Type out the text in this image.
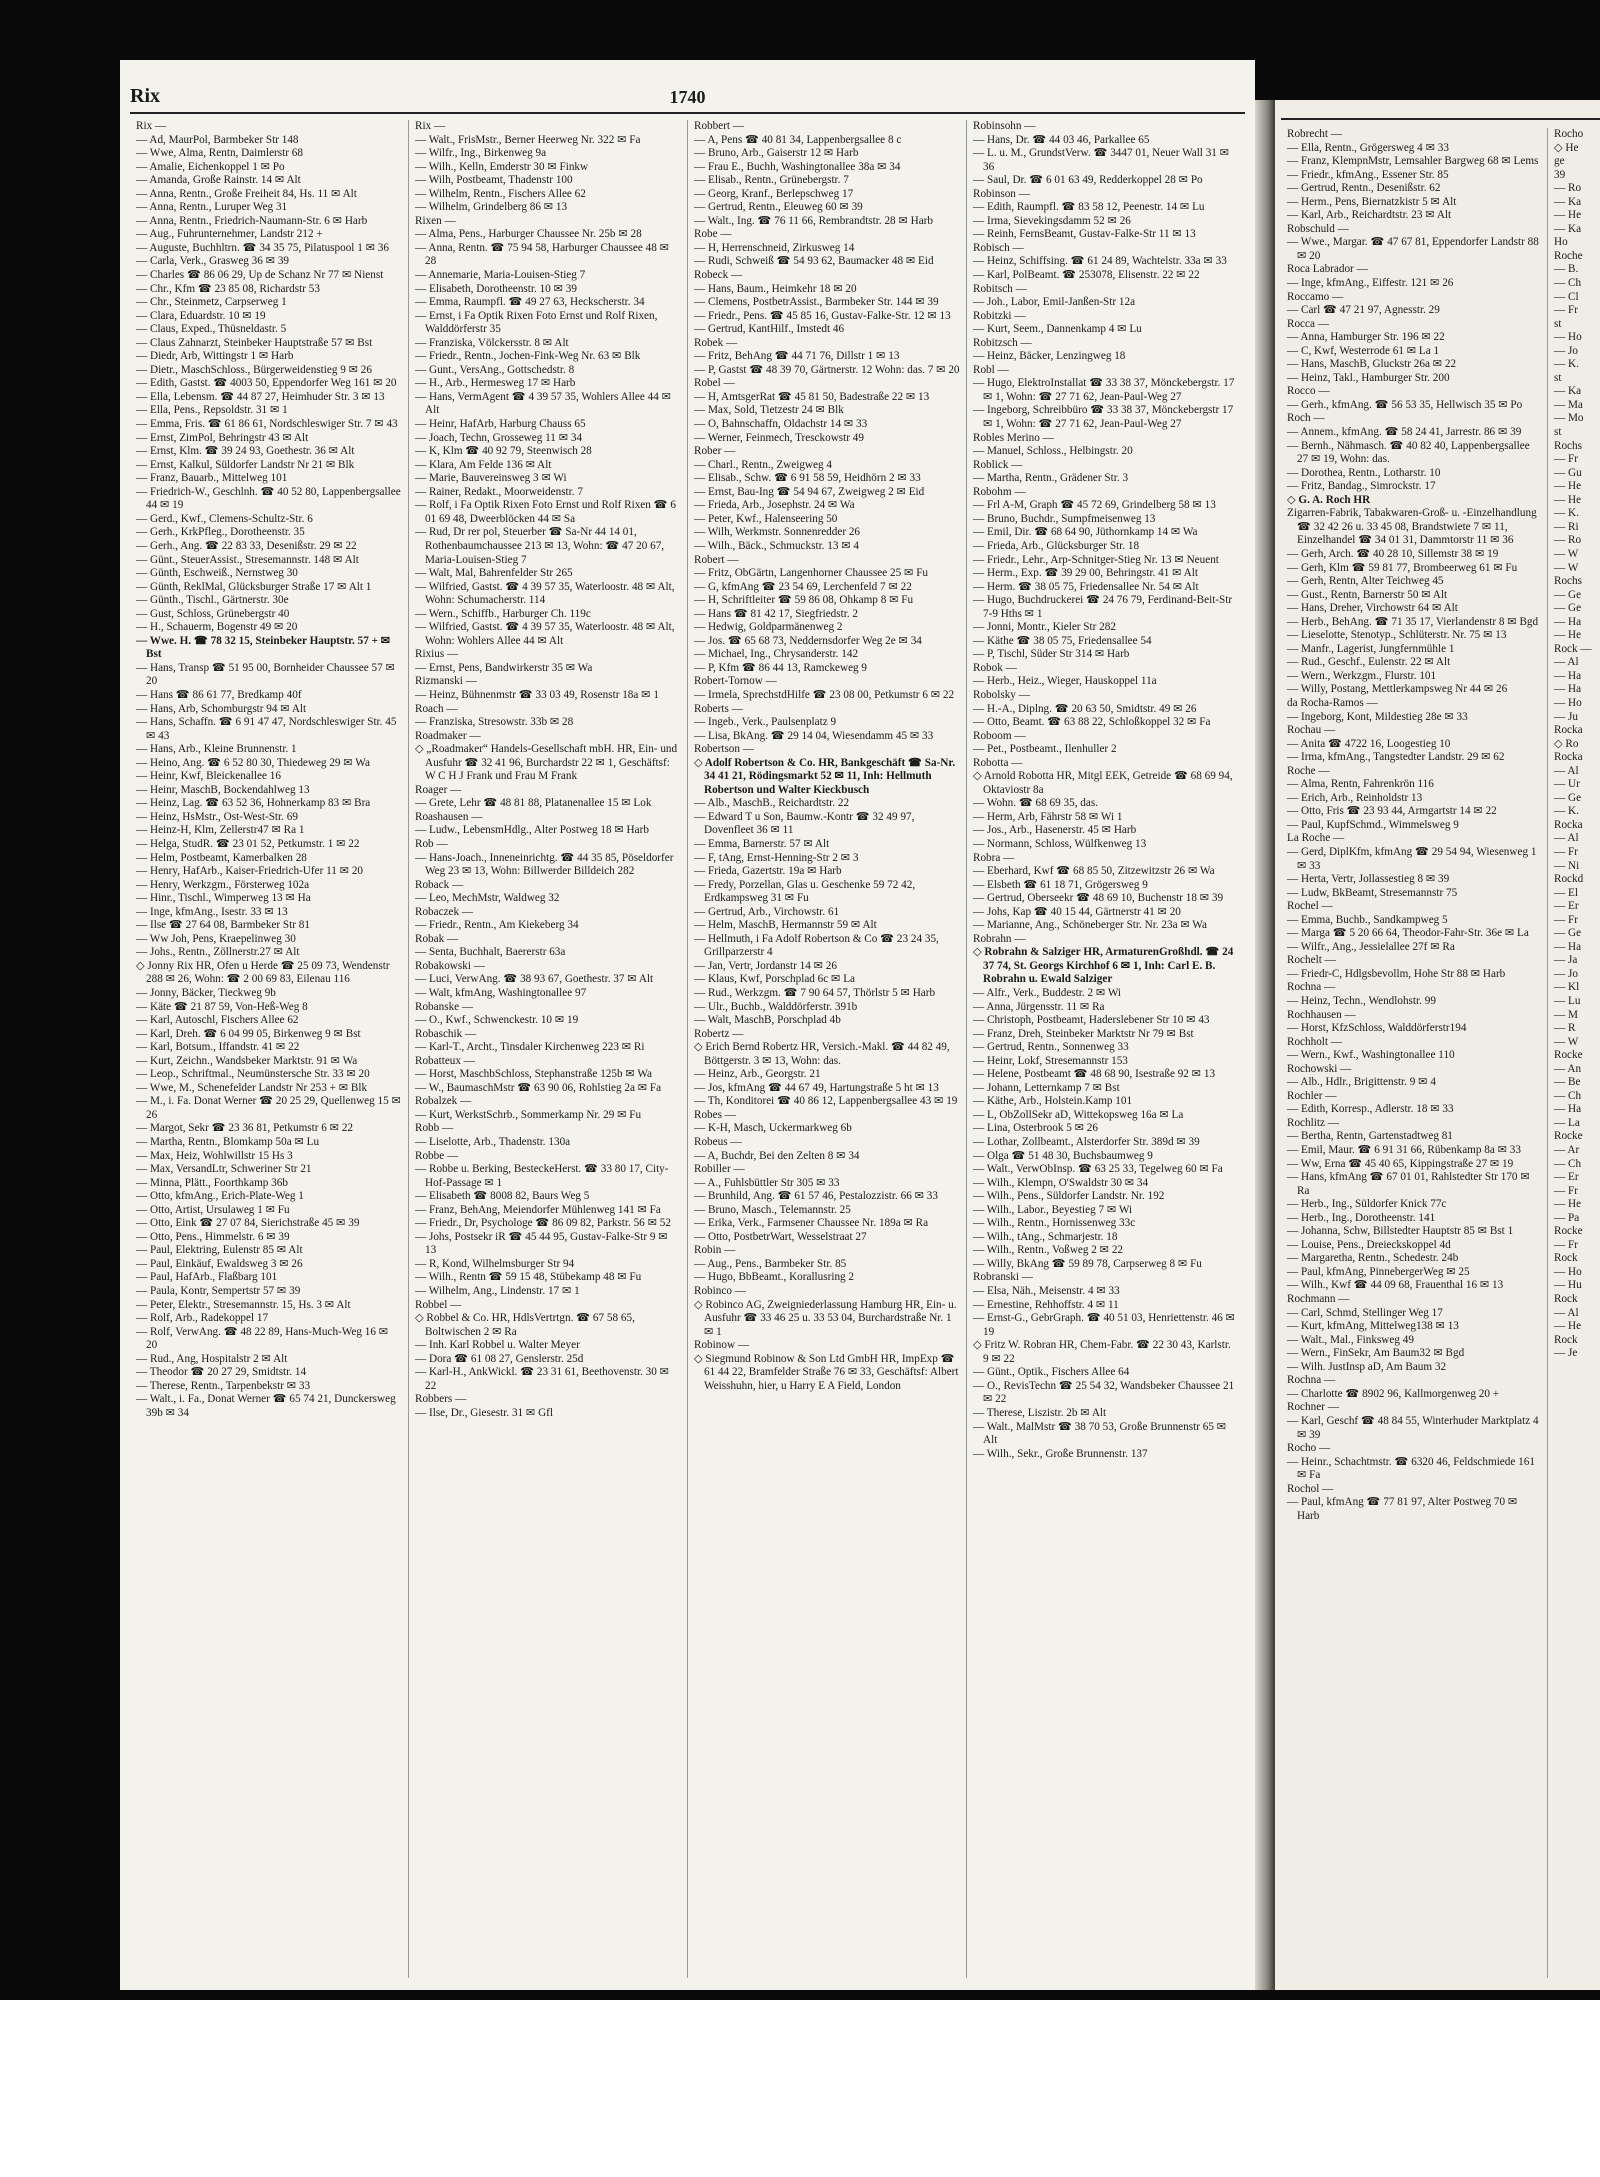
Rix	1740
Rix —
— Ad, MaurPol, Barmbeker Str 148
— Wwe, Alma, Rentn, Daimlerstr 68
— Amalie, Eichenkoppel 1 ✉ Po
— Amanda, Große Rainstr. 14 ✉ Alt
— Anna, Rentn., Große Freiheit 84, Hs. 11 ✉ Alt
— Anna, Rentn., Luruper Weg 31
— Anna, Rentn., Friedrich-Naumann-Str. 6 ✉ Harb
— Aug., Fuhrunternehmer, Landstr 212 +
— Auguste, Buchhltrn. ☎ 34 35 75, Pilatuspool 1 ✉ 36
— Carla, Verk., Grasweg 36 ✉ 39
— Charles ☎ 86 06 29, Up de Schanz Nr 77 ✉ Nienst
— Chr., Kfm ☎ 23 85 08, Richardstr 53
— Chr., Steinmetz, Carpserweg 1
— Clara, Eduardstr. 10 ✉ 19
— Claus, Exped., Thüsneldastr. 5
— Claus Zahnarzt, Steinbeker Hauptstraße 57 ✉ Bst
— Diedr, Arb, Wittingstr 1 ✉ Harb
— Dietr., MaschSchloss., Bürgerweidenstieg 9 ✉ 26
— Edith, Gastst. ☎ 4003 50, Eppendorfer Weg 161 ✉ 20
— Ella, Lebensm. ☎ 44 87 27, Heimhuder Str. 3 ✉ 13
— Ella, Pens., Repsoldstr. 31 ✉ 1
— Emma, Fris. ☎ 61 86 61, Nordschleswiger Str. 7 ✉ 43
— Ernst, ZimPol, Behringstr 43 ✉ Alt
— Ernst, Klm. ☎ 39 24 93, Goethestr. 36 ✉ Alt
— Ernst, Kalkul, Süldorfer Landstr Nr 21 ✉ Blk
— Franz, Bauarb., Mittelweg 101
— Friedrich-W., Geschlnh. ☎ 40 52 80, Lappenbergsallee 44 ✉ 19
— Gerd., Kwf., Clemens-Schultz-Str. 6
— Gerh., KrkPfleg., Dorotheenstr. 35
— Gerh., Ang. ☎ 22 83 33, Desenißstr. 29 ✉ 22
— Günt., SteuerAssist., Stresemannstr. 148 ✉ Alt
— Günth, Eschweiß., Nernstweg 30
— Günth, ReklMal, Glücksburger Straße 17 ✉ Alt 1
— Günth., Tischl., Gärtnerstr. 30e
— Gust, Schloss, Grünebergstr 40
— H., Schauerm, Bogenstr 49 ✉ 20
— Wwe. H. ☎ 78 32 15, Steinbeker Hauptstr. 57 + ✉ Bst
— Hans, Transp ☎ 51 95 00, Bornheider Chaussee 57 ✉ 20
— Hans ☎ 86 61 77, Bredkamp 40f
— Hans, Arb, Schomburgstr 94 ✉ Alt
— Hans, Schaffn. ☎ 6 91 47 47, Nordschleswiger Str. 45 ✉ 43
— Hans, Arb., Kleine Brunnenstr. 1
— Heino, Ang. ☎ 6 52 80 30, Thiedeweg 29 ✉ Wa
— Heinr, Kwf, Bleickenallee 16
— Heinr, MaschB, Bockendahlweg 13
— Heinz, Lag. ☎ 63 52 36, Hohnerkamp 83 ✉ Bra
— Heinz, HsMstr., Ost-West-Str. 69
— Heinz-H, Klm, Zellerstr47 ✉ Ra 1
— Helga, StudR. ☎ 23 01 52, Petkumstr. 1 ✉ 22
— Helm, Postbeamt, Kamerbalken 28
— Henry, HafArb., Kaiser-Friedrich-Ufer 11 ✉ 20
— Henry, Werkzgm., Försterweg 102a
— Hinr., Tischl., Wimperweg 13 ✉ Ha
— Inge, kfmAng., Isestr. 33 ✉ 13
— Ilse ☎ 27 64 08, Barmbeker Str 81
— Ww Joh, Pens, Kraepelinweg 30
— Johs., Rentn., Zöllnerstr.27 ✉ Alt
◇ Jonny Rix HR, Ofen u Herde ☎ 25 09 73, Wendenstr 288 ✉ 26, Wohn: ☎ 2 00 69 83, Eilenau 116
— Jonny, Bäcker, Tieckweg 9b
— Käte ☎ 21 87 59, Von-Heß-Weg 8
— Karl, Autoschl, Fischers Allee 62
— Karl, Dreh. ☎ 6 04 99 05, Birkenweg 9 ✉ Bst
— Karl, Botsum., Iffandstr. 41 ✉ 22
— Kurt, Zeichn., Wandsbeker Marktstr. 91 ✉ Wa
— Leop., Schriftmal., Neumünstersche Str. 33 ✉ 20
— Wwe, M., Schenefelder Landstr Nr 253 + ✉ Blk
— M., i. Fa. Donat Werner ☎ 20 25 29, Quellenweg 15 ✉ 26
— Margot, Sekr ☎ 23 36 81, Petkumstr 6 ✉ 22
— Martha, Rentn., Blomkamp 50a ✉ Lu
— Max, Heiz, Wohlwillstr 15 Hs 3
— Max, VersandLtr, Schweriner Str 21
— Minna, Plätt., Foorthkamp 36b
— Otto, kfmAng., Erich-Plate-Weg 1
— Otto, Artist, Ursulaweg 1 ✉ Fu
— Otto, Eink ☎ 27 07 84, Sierichstraße 45 ✉ 39
— Otto, Pens., Himmelstr. 6 ✉ 39
— Paul, Elektring, Eulenstr 85 ✉ Alt
— Paul, Einkäuf, Ewaldsweg 3 ✉ 26
— Paul, HafArb., Flaßbarg 101
— Paula, Kontr, Sempertstr 57 ✉ 39
— Peter, Elektr., Stresemannstr. 15, Hs. 3 ✉ Alt
— Rolf, Arb., Radekoppel 17
— Rolf, VerwAng. ☎ 48 22 89, Hans-Much-Weg 16 ✉ 20
— Rud., Ang, Hospitalstr 2 ✉ Alt
— Theodor ☎ 20 27 29, Smidtstr. 14
— Therese, Rentn., Tarpenbekstr ✉ 33
— Walt., i. Fa., Donat Werner ☎ 65 74 21, Dunckersweg 39b ✉ 34
Rix —
— Walt., FrisMstr., Berner Heerweg Nr. 322 ✉ Fa
— Wilfr., Ing., Birkenweg 9a
— Wilh., Kelln, Emderstr 30 ✉ Finkw
— Wilh, Postbeamt, Thadenstr 100
— Wilhelm, Rentn., Fischers Allee 62
— Wilhelm, Grindelberg 86 ✉ 13
Rixen —
— Alma, Pens., Harburger Chaussee Nr. 25b ✉ 28
— Anna, Rentn. ☎ 75 94 58, Harburger Chaussee 48 ✉ 28
— Annemarie, Maria-Louisen-Stieg 7
— Elisabeth, Dorotheenstr. 10 ✉ 39
— Emma, Raumpfl. ☎ 49 27 63, Heckscherstr. 34
— Ernst, i Fa Optik Rixen Foto Ernst und Rolf Rixen, Walddörferstr 35
— Franziska, Völckersstr. 8 ✉ Alt
— Friedr., Rentn., Jochen-Fink-Weg Nr. 63 ✉ Blk
— Gunt., VersAng., Gottschedstr. 8
— H., Arb., Hermesweg 17 ✉ Harb
— Hans, VermAgent ☎ 4 39 57 35, Wohlers Allee 44 ✉ Alt
— Heinr, HafArb, Harburg Chauss 65
— Joach, Techn, Grosseweg 11 ✉ 34
— K, Klm ☎ 40 92 79, Steenwisch 28
— Klara, Am Felde 136 ✉ Alt
— Marie, Bauvereinsweg 3 ✉ Wi
— Rainer, Redakt., Moorweidenstr. 7
— Rolf, i Fa Optik Rixen Foto Ernst und Rolf Rixen ☎ 6 01 69 48, Dweerblöcken 44 ✉ Sa
— Rud, Dr rer pol, Steuerber ☎ Sa-Nr 44 14 01, Rothenbaumchaussee 213 ✉ 13, Wohn: ☎ 47 20 67, Maria-Louisen-Stieg 7
— Walt, Mal, Bahrenfelder Str 265
— Wilfried, Gastst. ☎ 4 39 57 35, Waterloostr. 48 ✉ Alt, Wohn: Schumacherstr. 114
— Wern., Schiffb., Harburger Ch. 119c
— Wilfried, Gastst. ☎ 4 39 57 35, Waterloostr. 48 ✉ Alt, Wohn: Wohlers Allee 44 ✉ Alt
Rixius —
— Ernst, Pens, Bandwirkerstr 35 ✉ Wa
Rizmanski —
— Heinz, Bühnenmstr ☎ 33 03 49, Rosenstr 18a ✉ 1
Roach —
— Franziska, Stresowstr. 33b ✉ 28
Roadmaker —
◇ „Roadmaker“ Handels-Gesellschaft mbH. HR, Ein- und Ausfuhr ☎ 32 41 96, Burchardstr 22 ✉ 1, Geschäftsf: W C H J Frank und Frau M Frank
Roager —
— Grete, Lehr ☎ 48 81 88, Platanenallee 15 ✉ Lok
Roashausen —
— Ludw., LebensmHdlg., Alter Postweg 18 ✉ Harb
Rob —
— Hans-Joach., Inneneinrichtg. ☎ 44 35 85, Pöseldorfer Weg 23 ✉ 13, Wohn: Billwerder Billdeich 282
Roback —
— Leo, MechMstr, Waldweg 32
Robaczek —
— Friedr., Rentn., Am Kiekeberg 34
Robak —
— Senta, Buchhalt, Baererstr 63a
Robakowski —
— Luci, VerwAng. ☎ 38 93 67, Goethestr. 37 ✉ Alt
— Walt, kfmAng, Washingtonallee 97
Robanske —
— O., Kwf., Schwenckestr. 10 ✉ 19
Robaschik —
— Karl-T., Archt., Tinsdaler Kirchenweg 223 ✉ Ri
Robatteux —
— Horst, MaschbSchloss, Stephanstraße 125b ✉ Wa
— W., BaumaschMstr ☎ 63 90 06, Rohlstieg 2a ✉ Fa
Robalzek —
— Kurt, WerkstSchrb., Sommerkamp Nr. 29 ✉ Fu
Robb —
— Liselotte, Arb., Thadenstr. 130a
Robbe —
— Robbe u. Berking, BesteckeHerst. ☎ 33 80 17, City-Hof-Passage ✉ 1
— Elisabeth ☎ 8008 82, Baurs Weg 5
— Franz, BehAng, Meiendorfer Mühlenweg 141 ✉ Fa
— Friedr., Dr, Psychologe ☎ 86 09 82, Parkstr. 56 ✉ 52
— Johs, Postsekr iR ☎ 45 44 95, Gustav-Falke-Str 9 ✉ 13
— R, Kond, Wilhelmsburger Str 94
— Wilh., Rentn ☎ 59 15 48, Stübekamp 48 ✉ Fu
— Wilhelm, Ang., Lindenstr. 17 ✉ 1
Robbel —
◇ Robbel & Co. HR, HdlsVertrtgn. ☎ 67 58 65, Boltwischen 2 ✉ Ra
— Inh. Karl Robbel u. Walter Meyer
— Dora ☎ 61 08 27, Genslerstr. 25d
— Karl-H., AnkWickl. ☎ 23 31 61, Beethovenstr. 30 ✉ 22
Robbers —
— Ilse, Dr., Giesestr. 31 ✉ Gfl
Robbert —
— A, Pens ☎ 40 81 34, Lappenbergsallee 8 c
— Bruno, Arb., Gaiserstr 12 ✉ Harb
— Frau E., Buchh, Washingtonallee 38a ✉ 34
— Elisab., Rentn., Grünebergstr. 7
— Georg, Kranf., Berlepschweg 17
— Gertrud, Rentn., Eleuweg 60 ✉ 39
— Walt., Ing. ☎ 76 11 66, Rembrandtstr. 28 ✉ Harb
Robe —
— H, Herrenschneid, Zirkusweg 14
— Rudi, Schweiß ☎ 54 93 62, Baumacker 48 ✉ Eid
Robeck —
— Hans, Baum., Heimkehr 18 ✉ 20
— Clemens, PostbetrAssist., Barmbeker Str. 144 ✉ 39
— Friedr., Pens. ☎ 45 85 16, Gustav-Falke-Str. 12 ✉ 13
— Gertrud, KantHilf., Imstedt 46
Robek —
— Fritz, BehAng ☎ 44 71 76, Dillstr 1 ✉ 13
— P, Gastst ☎ 48 39 70, Gärtnerstr. 12 Wohn: das. 7 ✉ 20
Robel —
— H, AmtsgerRat ☎ 45 81 50, Badestraße 22 ✉ 13
— Max, Sold, Tietzestr 24 ✉ Blk
— O, Bahnschaffn, Oldachstr 14 ✉ 33
— Werner, Feinmech, Tresckowstr 49
Rober —
— Charl., Rentn., Zweigweg 4
— Elisab., Schw. ☎ 6 91 58 59, Heidhörn 2 ✉ 33
— Ernst, Bau-Ing ☎ 54 94 67, Zweigweg 2 ✉ Eid
— Frieda, Arb., Josephstr. 24 ✉ Wa
— Peter, Kwf., Halenseering 50
— Wilh, Werkmstr. Sonnenredder 26
— Wilh., Bäck., Schmuckstr. 13 ✉ 4
Robert —
— Fritz, ObGärtn, Langenhorner Chaussee 25 ✉ Fu
— G, kfmAng ☎ 23 54 69, Lerchenfeld 7 ✉ 22
— H, Schriftleiter ☎ 59 86 08, Ohkamp 8 ✉ Fu
— Hans ☎ 81 42 17, Siegfriedstr. 2
— Hedwig, Goldparmänenweg 2
— Jos. ☎ 65 68 73, Neddernsdorfer Weg 2e ✉ 34
— Michael, Ing., Chrysanderstr. 142
— P, Kfm ☎ 86 44 13, Ramckeweg 9
Robert-Tornow —
— Irmela, SprechstdHilfe ☎ 23 08 00, Petkumstr 6 ✉ 22
Roberts —
— Ingeb., Verk., Paulsenplatz 9
— Lisa, BkAng. ☎ 29 14 04, Wiesendamm 45 ✉ 33
Robertson —
◇ Adolf Robertson & Co. HR, Bankgeschäft ☎ Sa-Nr. 34 41 21, Rödingsmarkt 52 ✉ 11, Inh: Hellmuth Robertson und Walter Kieckbusch
— Alb., MaschB., Reichardtstr. 22
— Edward T u Son, Baumw.-Kontr ☎ 32 49 97, Dovenfleet 36 ✉ 11
— Emma, Barnerstr. 57 ✉ Alt
— F, tAng, Ernst-Henning-Str 2 ✉ 3
— Frieda, Gazertstr. 19a ✉ Harb
— Fredy, Porzellan, Glas u. Geschenke 59 72 42, Erdkampsweg 31 ✉ Fu
— Gertrud, Arb., Virchowstr. 61
— Helm, MaschB, Hermannstr 59 ✉ Alt
— Hellmuth, i Fa Adolf Robertson & Co ☎ 23 24 35, Grillparzerstr 4
— Jan, Vertr, Jordanstr 14 ✉ 26
— Klaus, Kwf, Porschplad 6c ✉ La
— Rud., Werkzgm. ☎ 7 90 64 57, Thörlstr 5 ✉ Harb
— Ulr., Buchb., Walddörferstr. 391b
— Walt, MaschB, Porschplad 4b
Robertz —
◇ Erich Bernd Robertz HR, Versich.-Makl. ☎ 44 82 49, Böttgerstr. 3 ✉ 13, Wohn: das.
— Heinz, Arb., Georgstr. 21
— Jos, kfmAng ☎ 44 67 49, Hartungstraße 5 ht ✉ 13
— Th, Konditorei ☎ 40 86 12, Lappenbergsallee 43 ✉ 19
Robes —
— K-H, Masch, Uckermarkweg 6b
Robeus —
— A, Buchdr, Bei den Zelten 8 ✉ 34
Robiller —
— A., Fuhlsbüttler Str 305 ✉ 33
— Brunhild, Ang. ☎ 61 57 46, Pestalozzistr. 66 ✉ 33
— Bruno, Masch., Telemannstr. 25
— Erika, Verk., Farmsener Chaussee Nr. 189a ✉ Ra
— Otto, PostbetrWart, Wesselstraat 27
Robin —
— Aug., Pens., Barmbeker Str. 85
— Hugo, BbBeamt., Korallusring 2
Robinco —
◇ Robinco AG, Zweigniederlassung Hamburg HR, Ein- u. Ausfuhr ☎ 33 46 25 u. 33 53 04, Burchardstraße Nr. 1 ✉ 1
Robinow —
◇ Siegmund Robinow & Son Ltd GmbH HR, ImpExp ☎ 61 44 22, Bramfelder Straße 76 ✉ 33, Geschäftsf: Albert Weisshuhn, hier, u Harry E A Field, London
Robinsohn —
— Hans, Dr. ☎ 44 03 46, Parkallee 65
— L. u. M., GrundstVerw. ☎ 3447 01, Neuer Wall 31 ✉ 36
— Saul, Dr. ☎ 6 01 63 49, Redderkoppel 28 ✉ Po
Robinson —
— Edith, Raumpfl. ☎ 83 58 12, Peenestr. 14 ✉ Lu
— Irma, Sievekingsdamm 52 ✉ 26
— Reinh, FernsBeamt, Gustav-Falke-Str 11 ✉ 13
Robisch —
— Heinz, Schiffsing. ☎ 61 24 89, Wachtelstr. 33a ✉ 33
— Karl, PolBeamt. ☎ 253078, Elisenstr. 22 ✉ 22
Robitsch —
— Joh., Labor, Emil-Janßen-Str 12a
Robitzki —
— Kurt, Seem., Dannenkamp 4 ✉ Lu
Robitzsch —
— Heinz, Bäcker, Lenzingweg 18
Robl —
— Hugo, ElektroInstallat ☎ 33 38 37, Mönckebergstr. 17 ✉ 1, Wohn: ☎ 27 71 62, Jean-Paul-Weg 27
— Ingeborg, Schreibbüro ☎ 33 38 37, Mönckebergstr 17 ✉ 1, Wohn: ☎ 27 71 62, Jean-Paul-Weg 27
Robles Merino —
— Manuel, Schloss., Helbingstr. 20
Roblick —
— Martha, Rentn., Grädener Str. 3
Robohm —
— Frl A-M, Graph ☎ 45 72 69, Grindelberg 58 ✉ 13
— Bruno, Buchdr., Sumpfmeisenweg 13
— Emil, Dir. ☎ 68 64 90, Jüthornkamp 14 ✉ Wa
— Frieda, Arb., Glücksburger Str. 18
— Friedr., Lehr., Arp-Schnitger-Stieg Nr. 13 ✉ Neuent
— Herm., Exp. ☎ 39 29 00, Behringstr. 41 ✉ Alt
— Herm. ☎ 38 05 75, Friedensallee Nr. 54 ✉ Alt
— Hugo, Buchdruckerei ☎ 24 76 79, Ferdinand-Beit-Str 7-9 Hths ✉ 1
— Jonni, Montr., Kieler Str 282
— Käthe ☎ 38 05 75, Friedensallee 54
— P, Tischl, Süder Str 314 ✉ Harb
Robok —
— Herb., Heiz., Wieger, Hauskoppel 11a
Robolsky —
— H.-A., Diplng. ☎ 20 63 50, Smidtstr. 49 ✉ 26
— Otto, Beamt. ☎ 63 88 22, Schloßkoppel 32 ✉ Fa
Roboom —
— Pet., Postbeamt., Ilenhuller 2
Robotta —
◇ Arnold Robotta HR, Mitgl EEK, Getreide ☎ 68 69 94, Oktaviostr 8a
— Wohn. ☎ 68 69 35, das.
— Herm, Arb, Fährstr 58 ✉ Wi 1
— Jos., Arb., Hasenerstr. 45 ✉ Harb
— Normann, Schloss, Wülfkenweg 13
Robra —
— Eberhard, Kwf ☎ 68 85 50, Zitzewitzstr 26 ✉ Wa
— Elsbeth ☎ 61 18 71, Grögersweg 9
— Gertrud, Oberseekr ☎ 48 69 10, Buchenstr 18 ✉ 39
— Johs, Kap ☎ 40 15 44, Gärtnerstr 41 ✉ 20
— Marianne, Ang., Schöneberger Str. Nr. 23a ✉ Wa
Robrahn —
◇ Robrahn & Salziger HR, ArmaturenGroßhdl. ☎ 24 37 74, St. Georgs Kirchhof 6 ✉ 1, Inh: Carl E. B. Robrahn u. Ewald Salziger
— Alfr., Verk., Buddestr. 2 ✉ Wi
— Anna, Jürgensstr. 11 ✉ Ra
— Christoph, Postbeamt, Haderslebener Str 10 ✉ 43
— Franz, Dreh, Steinbeker Marktstr Nr 79 ✉ Bst
— Gertrud, Rentn., Sonnenweg 33
— Heinr, Lokf, Stresemannstr 153
— Helene, Postbeamt ☎ 48 68 90, Isestraße 92 ✉ 13
— Johann, Letternkamp 7 ✉ Bst
— Käthe, Arb., Holstein.Kamp 101
— L, ObZollSekr aD, Wittekopsweg 16a ✉ La
— Lina, Osterbrook 5 ✉ 26
— Lothar, Zollbeamt., Alsterdorfer Str. 389d ✉ 39
— Olga ☎ 51 48 30, Buchsbaumweg 9
— Walt., VerwObInsp. ☎ 63 25 33, Tegelweg 60 ✉ Fa
— Wilh., Klempn, O'Swaldstr 30 ✉ 34
— Wilh., Pens., Süldorfer Landstr. Nr. 192
— Wilh., Labor., Beyestieg 7 ✉ Wi
— Wilh., Rentn., Hornissenweg 33c
— Wilh., tAng., Schmarjestr. 18
— Wilh., Rentn., Voßweg 2 ✉ 22
— Willy, BkAng ☎ 59 89 78, Carpserweg 8 ✉ Fu
Robranski —
— Elsa, Näh., Meisenstr. 4 ✉ 33
— Ernestine, Rehhoffstr. 4 ✉ 11
— Ernst-G., GebrGraph. ☎ 40 51 03, Henriettenstr. 46 ✉ 19
◇ Fritz W. Robran HR, Chem-Fabr. ☎ 22 30 43, Karlstr. 9 ✉ 22
— Günt., Optik., Fischers Allee 64
— O., RevisTechn ☎ 25 54 32, Wandsbeker Chaussee 21 ✉ 22
— Therese, Liszistr. 2b ✉ Alt
— Walt., MalMstr ☎ 38 70 53, Große Brunnenstr 65 ✉ Alt
— Wilh., Sekr., Große Brunnenstr. 137
Robrecht —
— Ella, Rentn., Grögersweg 4 ✉ 33
— Franz, KlempnMstr, Lemsahler Bargweg 68 ✉ Lems
— Friedr., kfmAng., Essener Str. 85
— Gertrud, Rentn., Deseniß​str. 62
— Herm., Pens, Biernatzkistr 5 ✉ Alt
— Karl, Arb., Reichardtstr. 23 ✉ Alt
Robschuld —
— Wwe., Margar. ☎ 47 67 81, Eppendorfer Landstr 88 ✉ 20
Roca Labrador —
— Inge, kfmAng., Eiffestr. 121 ✉ 26
Roccamo —
— Carl ☎ 47 21 97, Agnesstr. 29
Rocca —
— Anna, Hamburger Str. 196 ✉ 22
— C, Kwf, Westerrode 61 ✉ La 1
— Hans, MaschB, Gluckstr 26a ✉ 22
— Heinz, Takl., Hamburger Str. 200
Rocco —
— Gerh., kfmAng. ☎ 56 53 35, Hellwisch 35 ✉ Po
Roch —
— Annem., kfmAng. ☎ 58 24 41, Jarrestr. 86 ✉ 39
— Bernh., Nähmasch. ☎ 40 82 40, Lappenbergsallee 27 ✉ 19, Wohn: das.
— Dorothea, Rentn., Lotharstr. 10
— Fritz, Bandag., Simrockstr. 17
◇ G. A. Roch HR
Zigarren-Fabrik, Tabakwaren-Groß- u. -Einzelhandlung ☎ 32 42 26 u. 33 45 08, Brandstwiete 7 ✉ 11, Einzelhandel ☎ 34 01 31, Dammtorstr 11 ✉ 36
— Gerh, Arch. ☎ 40 28 10, Sillemstr 38 ✉ 19
— Gerh, Klm ☎ 59 81 77, Brombeerweg 61 ✉ Fu
— Gerh, Rentn, Alter Teichweg 45
— Gust., Rentn, Barnerstr 50 ✉ Alt
— Hans, Dreher, Virchowstr 64 ✉ Alt
— Herb., BehAng. ☎ 71 35 17, Vierlandenstr 8 ✉ Bgd
— Lieselotte, Stenotyp., Schlüterstr. Nr. 75 ✉ 13
— Manfr., Lagerist, Jungfernmühle 1
— Rud., Geschf., Eulenstr. 22 ✉ Alt
— Wern., Werkzgm., Flurstr. 101
— Willy, Postang, Mettlerkampsweg Nr 44 ✉ 26
da Rocha-Ramos —
— Ingeborg, Kont, Mildestieg 28e ✉ 33
Rochau —
— Anita ☎ 4722 16, Loogestieg 10
— Irma, kfmAng., Tangstedter Landstr. 29 ✉ 62
Roche —
— Alma, Rentn, Fahrenkrön 116
— Erich, Arb., Reinholdstr 13
— Otto, Fris ☎ 23 93 44, Armgartstr 14 ✉ 22
— Paul, KupfSchmd., Wimmelsweg 9
La Roche —
— Gerd, DiplKfm, kfmAng ☎ 29 54 94, Wiesenweg 1 ✉ 33
— Herta, Vertr, Jollassestieg 8 ✉ 39
— Ludw, BkBeamt, Stresemannstr 75
Rochel —
— Emma, Buchb., Sandkampweg 5
— Marga ☎ 5 20 66 64, Theodor-Fahr-Str. 36e ✉ La
— Wilfr., Ang., Jessielallee 27f ✉ Ra
Rochelt —
— Friedr-C, Hdlgsbevollm, Hohe Str 88 ✉ Harb
Rochna —
— Heinz, Techn., Wendlohstr. 99
Rochhausen —
— Horst, KfzSchloss, Walddörferstr194
Rochholt —
— Wern., Kwf., Washingtonallee 110
Rochowski —
— Alb., Hdlr., Brigittenstr. 9 ✉ 4
Rochler —
— Edith, Korresp., Adlerstr. 18 ✉ 33
Rochlitz —
— Bertha, Rentn, Gartenstadtweg 81
— Emil, Maur. ☎ 6 91 31 66, Rübenkamp 8a ✉ 33
— Ww, Erna ☎ 45 40 65, Kippingstraße 27 ✉ 19
— Hans, kfmAng ☎ 67 01 01, Rahlstedter Str 170 ✉ Ra
— Herb., Ing., Süldorfer Knick 77c
— Herb., Ing., Dorotheenstr. 141
— Johanna, Schw, Billstedter Hauptstr 85 ✉ Bst 1
— Louise, Pens., Dreieckskoppel 4d
— Margaretha, Rentn., Schedestr. 24b
— Paul, kfmAng, PinnebergerWeg ✉ 25
— Wilh., Kwf ☎ 44 09 68, Frauenthal 16 ✉ 13
Rochmann —
— Carl, Schmd, Stellinger Weg 17
— Kurt, kfmAng, Mittelweg138 ✉ 13
— Walt., Mal., Finksweg 49
— Wern., FinSekr, Am Baum32 ✉ Bgd
— Wilh. JustInsp aD, Am Baum 32
Rochna —
— Charlotte ☎ 8902 96, Kallmorgenweg 20 +
Rochner —
— Karl, Geschf ☎ 48 84 55, Winterhuder Marktplatz 4 ✉ 39
Rocho —
— Heinr., Schachtmstr. ☎ 6320 46, Feldschmiede 161 ✉ Fa
Rochol —
— Paul, kfmAng ☎ 77 81 97, Alter Postweg 70 ✉ Harb
Rocho
◇ He
ge
39
— Ro
— Ka
— He
— Ka
Ho
Roche
— B.
— Ch
— Cl
— Fr
st
— Ho
— Jo
— K.
st
— Ka
— Ma
— Mo
st
Rochs
— Fr
— Gu
— He
— He
— K.
— Ri
— Ro
— W
— W
Rochs
— Ge
— Ge
— Ha
— He
Rock —
— Al
— Ha
— Ha
— Ho
— Ju
Rocka
◇ Ro
Rocka
— Al
— Ur
— Ge
— K.
Rocka
— Al
— Fr
— Ni
Rockd
— El
— Er
— Fr
— Ge
— Ha
— Ja
— Jo
— Kl
— Lu
— M
— R
— W
Rocke
— An
— Be
— Ch
— Ha
— La
Rocke
— Ar
— Ch
— Er
— Fr
— He
— Pa
Rocke
— Fr
Rock
— Ho
— Hu
Rock
— Al
— He
Rock
— Je
